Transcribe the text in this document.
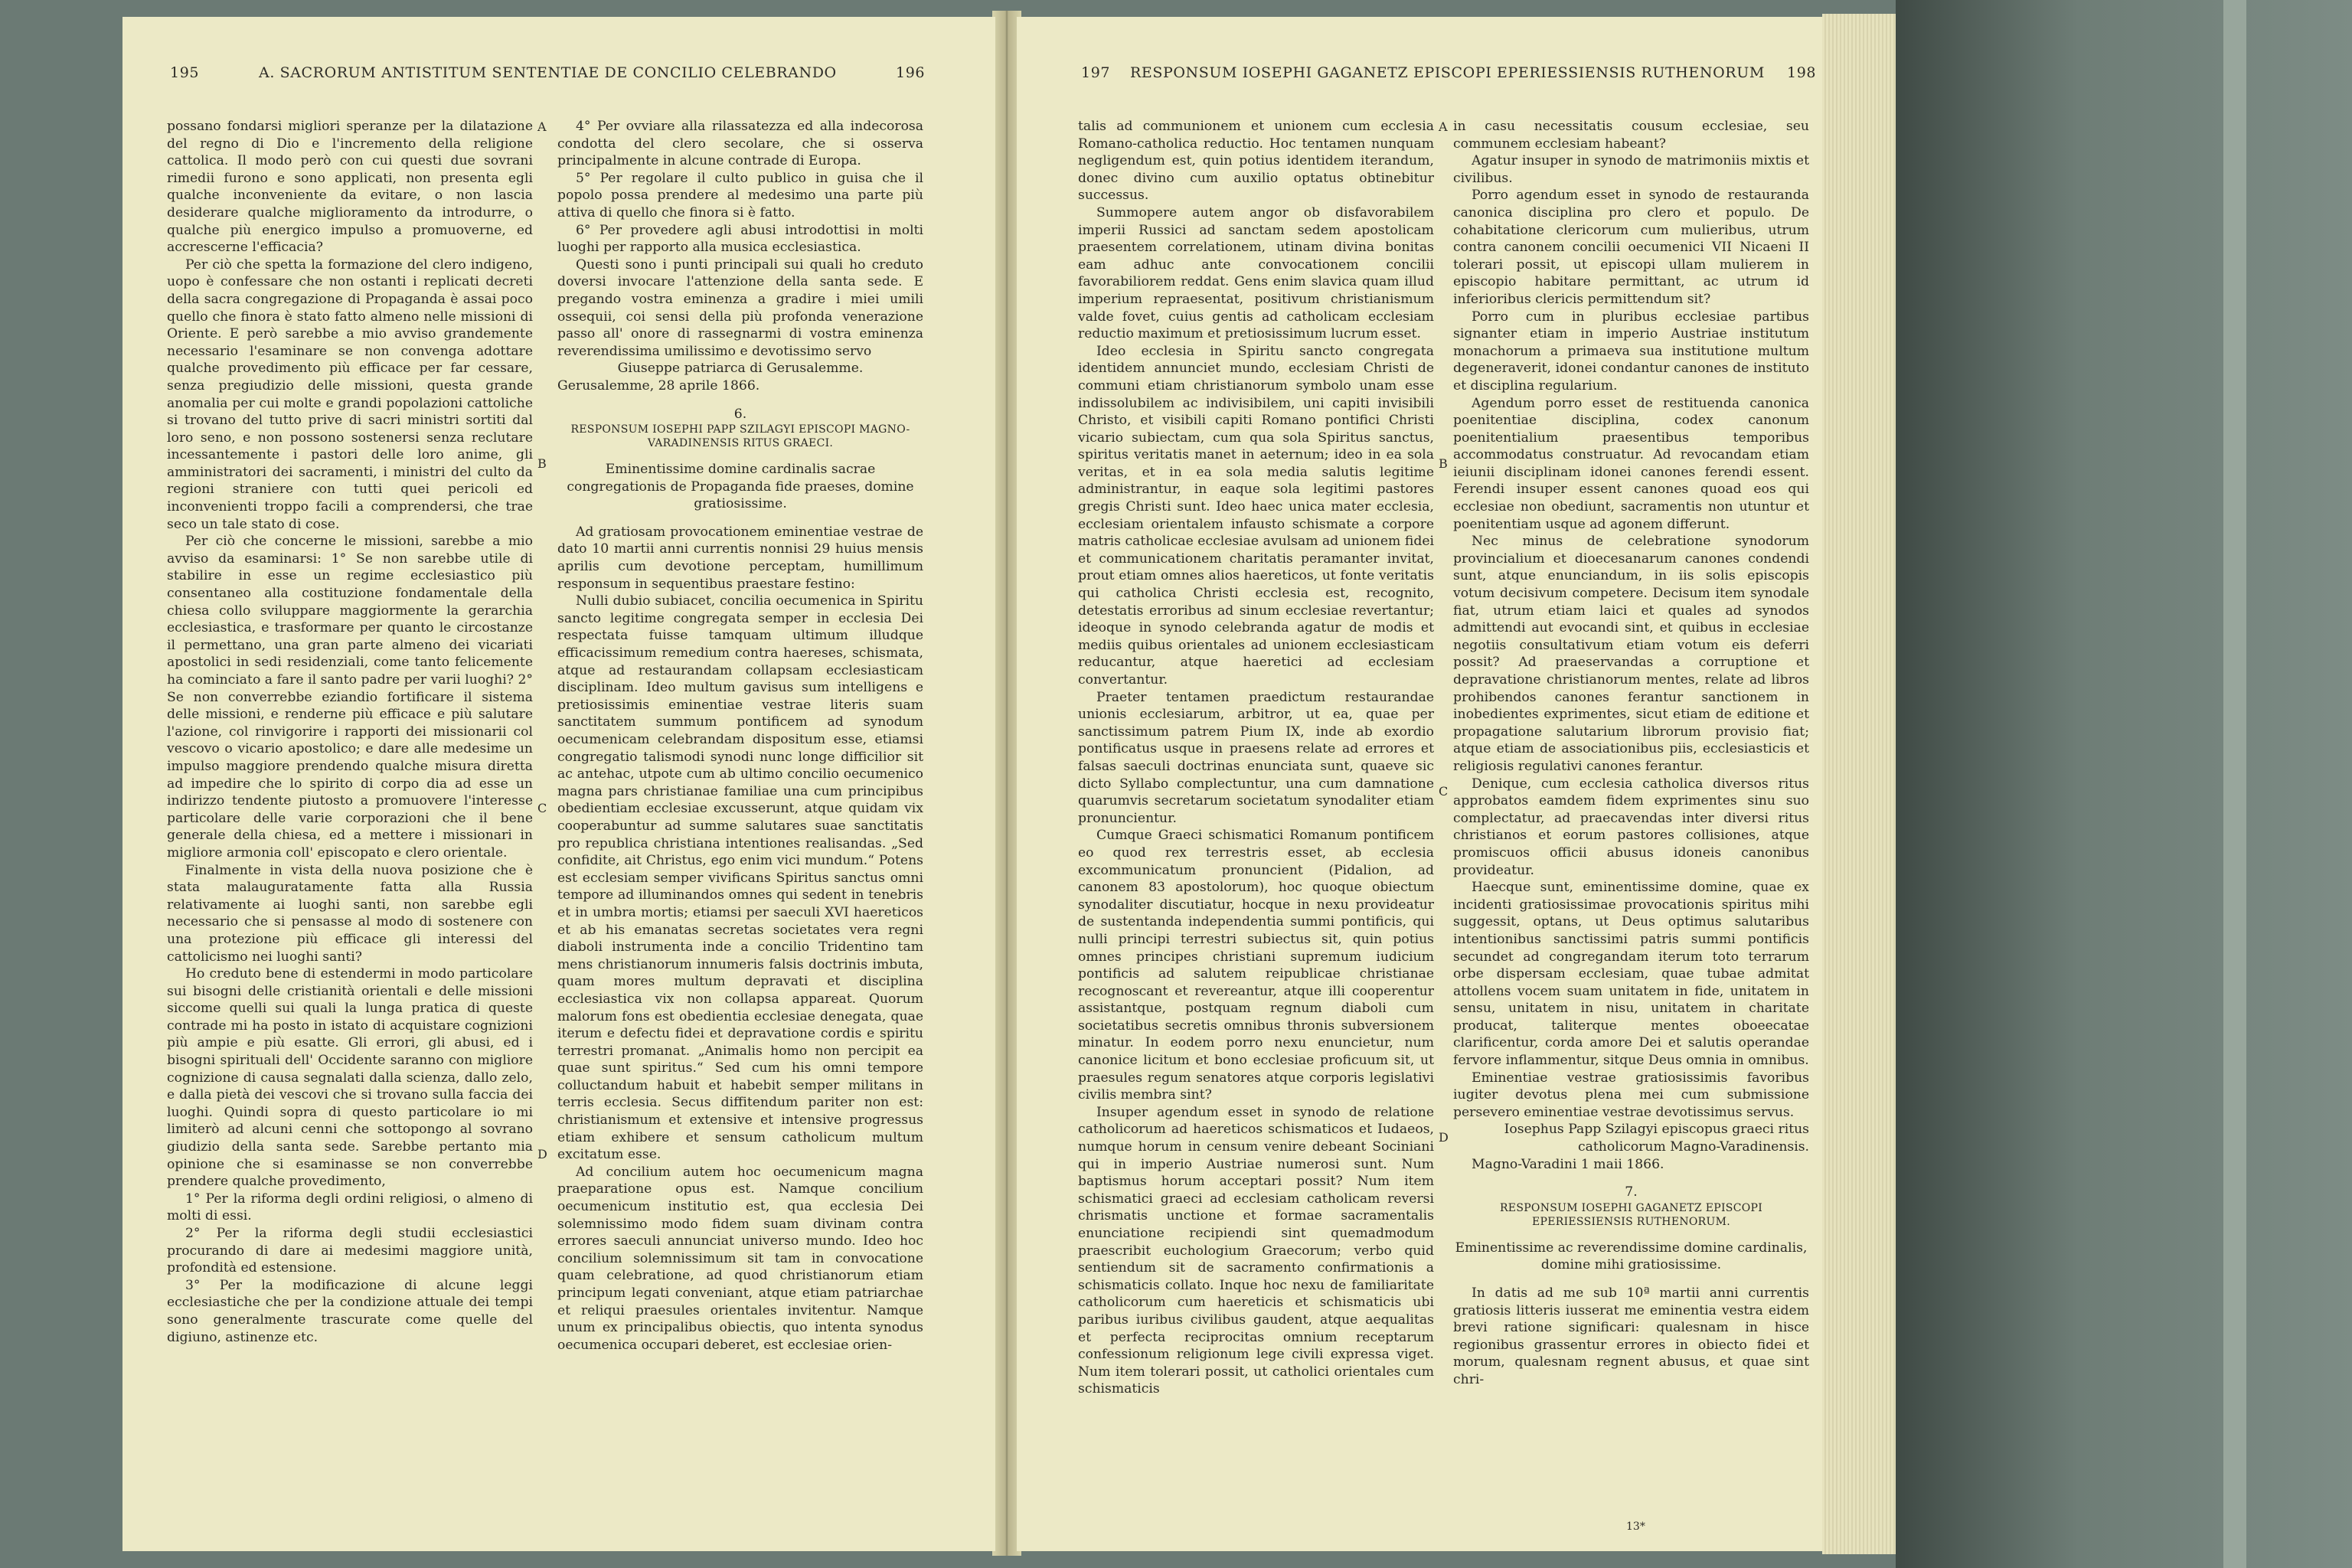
195	A. SACRORUM ANTISTITUM SENTENTIAE DE CONCILIO CELEBRANDO	196
A
B
C
D

possano fondarsi migliori speranze per la dilatazione del regno di Dio e l'incremento della religione cattolica. Il modo però con cui questi due sovrani rimedii furono e sono applicati, non presenta egli qualche inconveniente da evitare, o non lascia desiderare qualche miglioramento da introdurre, o qualche più energico impulso a promuoverne, ed accrescerne l'efficacia?

Per ciò che spetta la formazione del clero indigeno, uopo è confessare che non ostanti i replicati decreti della sacra congregazione di Propaganda è assai poco quello che finora è stato fatto almeno nelle missioni di Oriente. E però sarebbe a mio avviso grandemente necessario l'esaminare se non convenga adottare qualche provedimento più efficace per far cessare, senza pregiudizio delle missioni, questa grande anomalia per cui molte e grandi popolazioni cattoliche si trovano del tutto prive di sacri ministri sortiti dal loro seno, e non possono sostenersi senza reclutare incessantemente i pastori delle loro anime, gli amministratori dei sacramenti, i ministri del culto da regioni straniere con tutti quei pericoli ed inconvenienti troppo facili a comprendersi, che trae seco un tale stato di cose.

Per ciò che concerne le missioni, sarebbe a mio avviso da esaminarsi: 1° Se non sarebbe utile di stabilire in esse un regime ecclesiastico più consentaneo alla costituzione fondamentale della chiesa collo sviluppare maggiormente la gerarchia ecclesiastica, e trasformare per quanto le circostanze il permettano, una gran parte almeno dei vicariati apostolici in sedi residenziali, come tanto felicemente ha cominciato a fare il santo padre per varii luoghi? 2° Se non converrebbe eziandio fortificare il sistema delle missioni, e renderne più efficace e più salutare l'azione, col rinvigorire i rapporti dei missionarii col vescovo o vicario apostolico; e dare alle medesime un impulso maggiore prendendo qualche misura diretta ad impedire che lo spirito di corpo dia ad esse un indirizzo tendente piutosto a promuovere l'interesse particolare delle varie corporazioni che il bene generale della chiesa, ed a mettere i missionari in migliore armonia coll' episcopato e clero orientale.

Finalmente in vista della nuova posizione che è stata malauguratamente fatta alla Russia relativamente ai luoghi santi, non sarebbe egli necessario che si pensasse al modo di sostenere con una protezione più efficace gli interessi del cattolicismo nei luoghi santi?

Ho creduto bene di estendermi in modo particolare sui bisogni delle cristianità orientali e delle missioni siccome quelli sui quali la lunga pratica di queste contrade mi ha posto in istato di acquistare cognizioni più ampie e più esatte. Gli errori, gli abusi, ed i bisogni spirituali dell' Occidente saranno con migliore cognizione di causa segnalati dalla scienza, dallo zelo, e dalla pietà dei vescovi che si trovano sulla faccia dei luoghi. Quindi sopra di questo particolare io mi limiterò ad alcuni cenni che sottopongo al sovrano giudizio della santa sede. Sarebbe pertanto mia opinione che si esaminasse se non converrebbe prendere qualche provedimento,

1° Per la riforma degli ordini religiosi, o almeno di molti di essi.

2° Per la riforma degli studii ecclesiastici procurando di dare ai medesimi maggiore unità, profondità ed estensione.

3° Per la modificazione di alcune leggi ecclesiastiche che per la condizione attuale dei tempi sono generalmente trascurate come quelle del digiuno, astinenze etc.

4° Per ovviare alla rilassatezza ed alla indecorosa condotta del clero secolare, che si osserva principalmente in alcune contrade di Europa.

5° Per regolare il culto publico in guisa che il popolo possa prendere al medesimo una parte più attiva di quello che finora si è fatto.

6° Per provedere agli abusi introdottisi in molti luoghi per rapporto alla musica ecclesiastica.

Questi sono i punti principali sui quali ho creduto doversi invocare l'attenzione della santa sede. E pregando vostra eminenza a gradire i miei umili ossequii, coi sensi della più profonda venerazione passo all' onore di rassegnarmi di vostra eminenza reverendissima umilissimo e devotissimo servo

Giuseppe patriarca di Gerusalemme.

Gerusalemme, 28 aprile 1866.

6.

RESPONSUM IOSEPHI PAPP SZILAGYI EPISCOPI MAGNO-VARADINENSIS RITUS GRAECI.

Eminentissime domine cardinalis sacrae congregationis de Propaganda fide praeses, domine gratiosissime.

Ad gratiosam provocationem eminentiae vestrae de dato 10 martii anni currentis nonnisi 29 huius mensis aprilis cum devotione perceptam, humillimum responsum in sequentibus praestare festino:

Nulli dubio subiacet, concilia oecumenica in Spiritu sancto legitime congregata semper in ecclesia Dei respectata fuisse tamquam ultimum illudque efficacissimum remedium contra haereses, schismata, atque ad restaurandam collapsam ecclesiasticam disciplinam. Ideo multum gavisus sum intelligens e pretiosissimis eminentiae vestrae literis suam sanctitatem summum pontificem ad synodum oecumenicam celebrandam dispositum esse, etiamsi congregatio talismodi synodi nunc longe difficilior sit ac antehac, utpote cum ab ultimo concilio oecumenico magna pars christianae familiae una cum principibus obedientiam ecclesiae excusserunt, atque quidam vix cooperabuntur ad summe salutares suae sanctitatis pro republica christiana intentiones realisandas. „Sed confidite, ait Christus, ego enim vici mundum.“ Potens est ecclesiam semper vivificans Spiritus sanctus omni tempore ad illuminandos omnes qui sedent in tenebris et in umbra mortis; etiamsi per saeculi XVI haereticos et ab his emanatas secretas societates vera regni diaboli instrumenta inde a concilio Tridentino tam mens christianorum innumeris falsis doctrinis imbuta, quam mores multum depravati et disciplina ecclesiastica vix non collapsa appareat. Quorum malorum fons est obedientia ecclesiae denegata, quae iterum e defectu fidei et depravatione cordis e spiritu terrestri promanat. „Animalis homo non percipit ea quae sunt spiritus.“ Sed cum his omni tempore colluctandum habuit et habebit semper militans in terris ecclesia. Secus diffitendum pariter non est: christianismum et extensive et intensive progressus etiam exhibere et sensum catholicum multum excitatum esse.

Ad concilium autem hoc oecumenicum magna praeparatione opus est. Namque concilium oecumenicum institutio est, qua ecclesia Dei solemnissimo modo fidem suam divinam contra errores saeculi annunciat universo mundo. Ideo hoc concilium solemnissimum sit tam in convocatione quam celebratione, ad quod christianorum etiam principum legati conveniant, atque etiam patriarchae et reliqui praesules orientales invitentur. Namque unum ex principalibus obiectis, quo intenta synodus oecumenica occupari deberet, est ecclesiae orien-

197 RESPONSUM IOSEPHI GAGANETZ EPISCOPI EPERIESSIENSIS RUTHENORUM 198
A
B
C
D

talis ad communionem et unionem cum ecclesia Romano-catholica reductio. Hoc tentamen nunquam negligendum est, quin potius identidem iterandum, donec divino cum auxilio optatus obtinebitur successus.

Summopere autem angor ob disfavorabilem imperii Russici ad sanctam sedem apostolicam praesentem correlationem, utinam divina bonitas eam adhuc ante convocationem concilii favorabiliorem reddat. Gens enim slavica quam illud imperium repraesentat, positivum christianismum valde fovet, cuius gentis ad catholicam ecclesiam reductio maximum et pretiosissimum lucrum esset.

Ideo ecclesia in Spiritu sancto congregata identidem annunciet mundo, ecclesiam Christi de communi etiam christianorum symbolo unam esse indissolubilem ac indivisibilem, uni capiti invisibili Christo, et visibili capiti Romano pontifici Christi vicario subiectam, cum qua sola Spiritus sanctus, spiritus veritatis manet in aeternum; ideo in ea sola veritas, et in ea sola media salutis legitime administrantur, in eaque sola legitimi pastores gregis Christi sunt. Ideo haec unica mater ecclesia, ecclesiam orientalem infausto schismate a corpore matris catholicae ecclesiae avulsam ad unionem fidei et communicationem charitatis peramanter invitat, prout etiam omnes alios haereticos, ut fonte veritatis qui catholica Christi ecclesia est, recognito, detestatis erroribus ad sinum ecclesiae revertantur; ideoque in synodo celebranda agatur de modis et mediis quibus orientales ad unionem ecclesiasticam reducantur, atque haeretici ad ecclesiam convertantur.

Praeter tentamen praedictum restaurandae unionis ecclesiarum, arbitror, ut ea, quae per sanctissimum patrem Pium IX, inde ab exordio pontificatus usque in praesens relate ad errores et falsas saeculi doctrinas enunciata sunt, quaeve sic dicto Syllabo complectuntur, una cum damnatione quarumvis secretarum societatum synodaliter etiam pronuncientur.

Cumque Graeci schismatici Romanum pontificem eo quod rex terrestris esset, ab ecclesia excommunicatum pronuncient (Pidalion, ad canonem 83 apostolorum), hoc quoque obiectum synodaliter discutiatur, hocque in nexu provideatur de sustentanda independentia summi pontificis, qui nulli principi terrestri subiectus sit, quin potius omnes principes christiani supremum iudicium pontificis ad salutem reipublicae christianae recognoscant et revereantur, atque illi cooperentur assistantque, postquam regnum diaboli cum societatibus secretis omnibus thronis subversionem minatur. In eodem porro nexu enuncietur, num canonice licitum et bono ecclesiae proficuum sit, ut praesules regum senatores atque corporis legislativi civilis membra sint?

Insuper agendum esset in synodo de relatione catholicorum ad haereticos schismaticos et Iudaeos, numque horum in censum venire debeant Sociniani qui in imperio Austriae numerosi sunt. Num baptismus horum acceptari possit? Num item schismatici graeci ad ecclesiam catholicam reversi chrismatis unctione et formae sacramentalis enunciatione recipiendi sint quemadmodum praescribit euchologium Graecorum; verbo quid sentiendum sit de sacramento confirmationis a schismaticis collato. Inque hoc nexu de familiaritate catholicorum cum haereticis et schismaticis ubi paribus iuribus civilibus gaudent, atque aequalitas et perfecta reciprocitas omnium receptarum confessionum religionum lege civili expressa viget. Num item tolerari possit, ut catholici orientales cum schismaticis

in casu necessitatis cousum ecclesiae, seu communem ecclesiam habeant?

Agatur insuper in synodo de matrimoniis mixtis et civilibus.

Porro agendum esset in synodo de restauranda canonica disciplina pro clero et populo. De cohabitatione clericorum cum mulieribus, utrum contra canonem concilii oecumenici VII Nicaeni II tolerari possit, ut episcopi ullam mulierem in episcopio habitare permittant, ac utrum id inferioribus clericis permittendum sit?

Porro cum in pluribus ecclesiae partibus signanter etiam in imperio Austriae institutum monachorum a primaeva sua institutione multum degeneraverit, idonei condantur canones de instituto et disciplina regularium.

Agendum porro esset de restituenda canonica poenitentiae disciplina, codex canonum poenitentialium praesentibus temporibus accommodatus construatur. Ad revocandam etiam ieiunii disciplinam idonei canones ferendi essent. Ferendi insuper essent canones quoad eos qui ecclesiae non obediunt, sacramentis non utuntur et poenitentiam usque ad agonem differunt.

Nec minus de celebratione synodorum provincialium et dioecesanarum canones condendi sunt, atque enunciandum, in iis solis episcopis votum decisivum competere. Decisum item synodale fiat, utrum etiam laici et quales ad synodos admittendi aut evocandi sint, et quibus in ecclesiae negotiis consultativum etiam votum eis deferri possit? Ad praeservandas a corruptione et depravatione christianorum mentes, relate ad libros prohibendos canones ferantur sanctionem in inobedientes exprimentes, sicut etiam de editione et propagatione salutarium librorum provisio fiat; atque etiam de associationibus piis, ecclesiasticis et religiosis regulativi canones ferantur.

Denique, cum ecclesia catholica diversos ritus approbatos eamdem fidem exprimentes sinu suo complectatur, ad praecavendas inter diversi ritus christianos et eorum pastores collisiones, atque promiscuos officii abusus idoneis canonibus providеatur.

Haecque sunt, eminentissime domine, quae ex incidenti gratiosissimae provocationis spiritus mihi suggessit, optans, ut Deus optimus salutaribus intentionibus sanctissimi patris summi pontificis secundet ad congregandam iterum toto terrarum orbe dispersam ecclesiam, quae tubae admitat attollens vocem suam unitatem in fide, unitatem in sensu, unitatem in nisu, unitatem in charitate producat, taliterque mentes oboeecatae clarificentur, corda amore Dei et salutis operandae fervore inflammentur, sitque Deus omnia in omnibus.

Eminentiae vestrae gratiosissimis favoribus iugiter devotus plena mei cum submissione persevero eminentiae vestrae devotissimus servus.

Iosephus Papp Szilagyi episcopus graeci ritus catholicorum Magno-Varadinensis.

Magno-Varadini 1 maii 1866.

7.

RESPONSUM IOSEPHI GAGANETZ EPISCOPI EPERIESSIENSIS RUTHENORUM.

Eminentissime ac reverendissime domine cardinalis, domine mihi gratiosissime.

In datis ad me sub 10ª martii anni currentis gratiosis litteris iusserat me eminentia vestra eidem brevi ratione significari: qualesnam in hisce regionibus grassentur errores in obiecto fidei et morum, qualesnam regnent abusus, et quae sint chri-

13*
